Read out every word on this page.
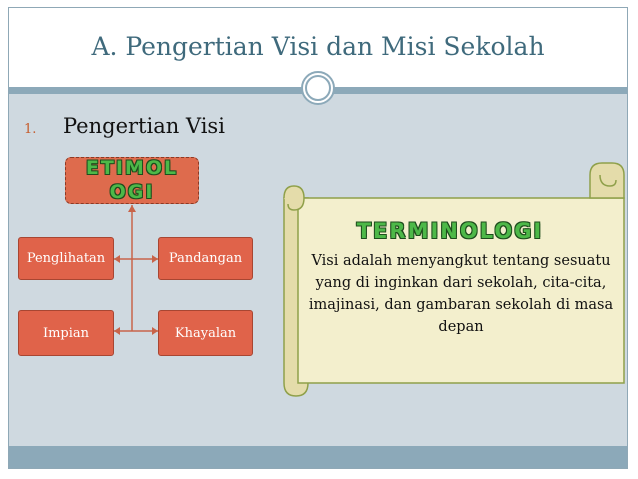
A. Pengertian Visi dan Misi Sekolah
1. Pengertian Visi
ETIMOL
OGI
Penglihatan	Pandangan
Impian	Khayalan
TERMINOLOGI
Visi adalah menyangkut tentang sesuatu yang di inginkan dari sekolah, cita-cita, imajinasi, dan gambaran sekolah di masa depan
